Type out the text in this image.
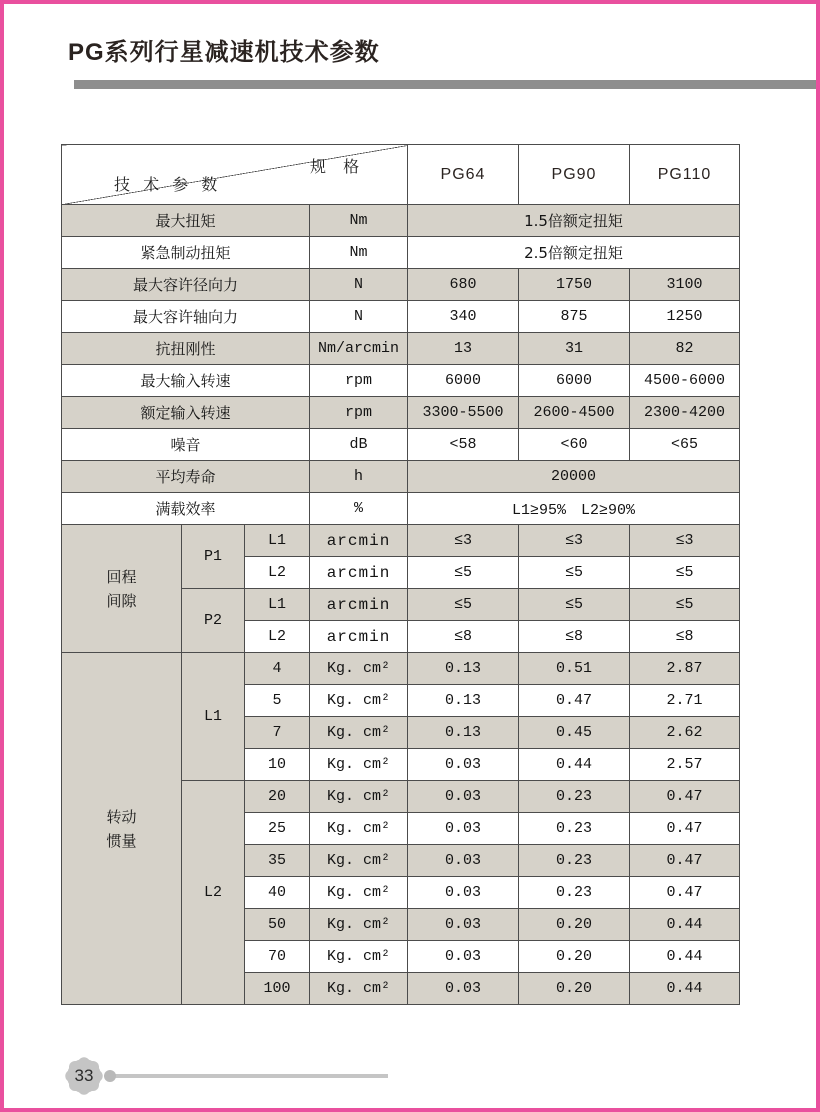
PG系列行星减速机技术参数
规 格
技 术 参 数				PG64	PG90	PG110
最大扭矩			Nm	1.5倍额定扭矩		
紧急制动扭矩			Nm	2.5倍额定扭矩		
最大容许径向力			N	680	1750	3100
最大容许轴向力			N	340	875	1250
抗扭刚性			Nm/arcmin	13	31	82
最大输入转速			rpm	6000	6000	4500-6000
额定输入转速			rpm	3300-5500	2600-4500	2300-4200
噪音			dB	<58	<60	<65
平均寿命			h	20000		
满载效率			%	L1≥95%　L2≥90%		

回程
间隙	P1	L1	arcmin	≤3	≤3	≤3
		L2	arcmin	≤5	≤5	≤5
	P2	L1	arcmin	≤5	≤5	≤5
		L2	arcmin	≤8	≤8	≤8

转动
惯量	L1	4	Kg. cm²	0.13	0.51	2.87
		5	Kg. cm²	0.13	0.47	2.71
		7	Kg. cm²	0.13	0.45	2.62
		10	Kg. cm²	0.03	0.44	2.57
	L2	20	Kg. cm²	0.03	0.23	0.47
		25	Kg. cm²	0.03	0.23	0.47
		35	Kg. cm²	0.03	0.23	0.47
		40	Kg. cm²	0.03	0.23	0.47
		50	Kg. cm²	0.03	0.20	0.44
		70	Kg. cm²	0.03	0.20	0.44
		100	Kg. cm²	0.03	0.20	0.44
33
